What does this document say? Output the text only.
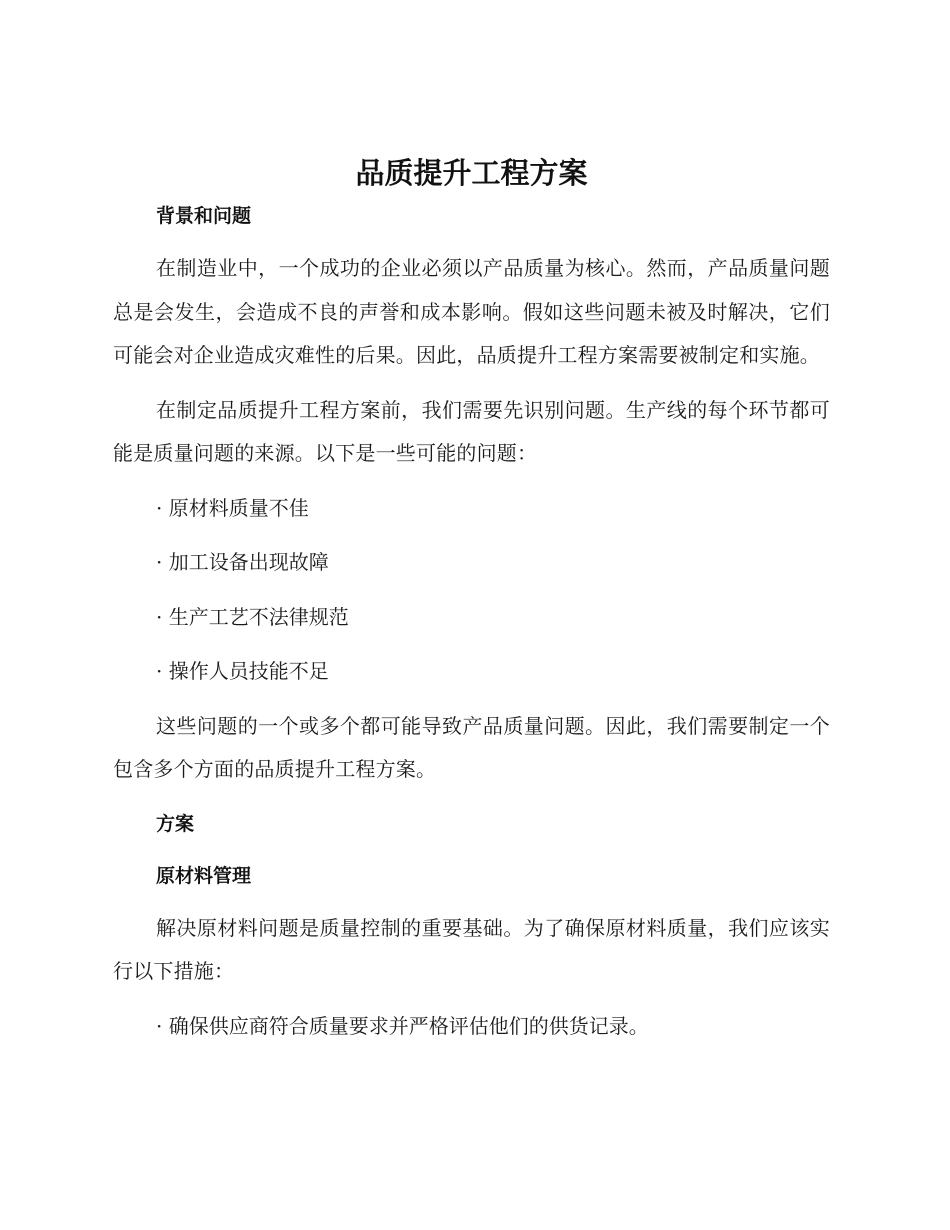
品质提升工程方案
背景和问题

在制造业中，一个成功的企业必须以产品质量为核心。然而，产品质量问题总是会发生，会造成不良的声誉和成本影响。假如这些问题未被及时解决，它们可能会对企业造成灾难性的后果。因此，品质提升工程方案需要被制定和实施。

在制定品质提升工程方案前，我们需要先识别问题。生产线的每个环节都可能是质量问题的来源。以下是一些可能的问题：

· 原材料质量不佳

· 加工设备出现故障

· 生产工艺不法律规范

· 操作人员技能不足

这些问题的一个或多个都可能导致产品质量问题。因此，我们需要制定一个包含多个方面的品质提升工程方案。

方案
原材料管理

解决原材料问题是质量控制的重要基础。为了确保原材料质量，我们应该实行以下措施：

· 确保供应商符合质量要求并严格评估他们的供货记录。
